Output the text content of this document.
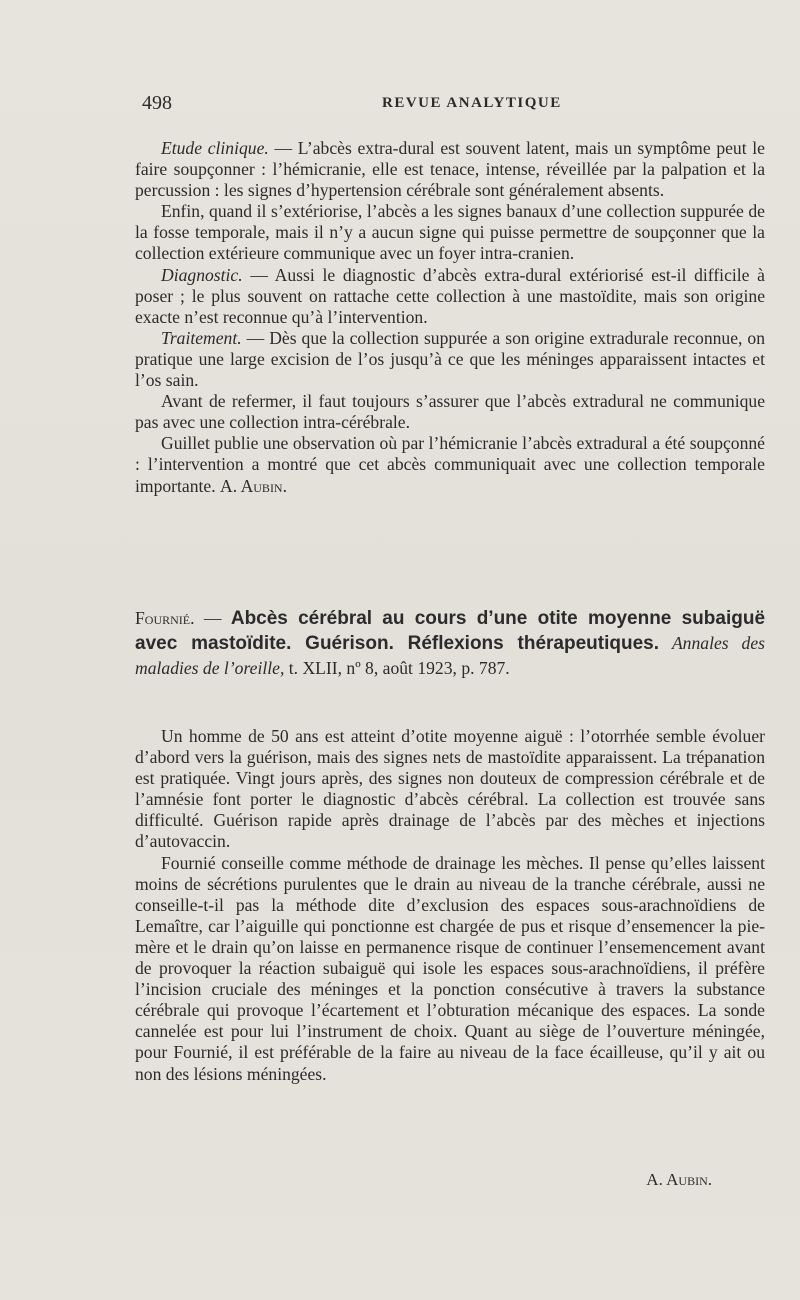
498	REVUE ANALYTIQUE

Etude clinique. — L’abcès extra-dural est souvent latent, mais un symptôme peut le faire soupçonner : l’hémicranie, elle est tenace, intense, réveillée par la palpation et la percussion : les signes d’hypertension cérébrale sont généralement absents.

Enfin, quand il s’extériorise, l’abcès a les signes banaux d’une collection suppurée de la fosse temporale, mais il n’y a aucun signe qui puisse permettre de soupçonner que la collection extérieure communique avec un foyer intra-cranien.

Diagnostic. — Aussi le diagnostic d’abcès extra-dural extériorisé est-il difficile à poser ; le plus souvent on rattache cette collection à une mastoïdite, mais son origine exacte n’est reconnue qu’à l’intervention.

Traitement. — Dès que la collection suppurée a son origine extradurale reconnue, on pratique une large excision de l’os jusqu’à ce que les méninges apparaissent intactes et l’os sain.

Avant de refermer, il faut toujours s’assurer que l’abcès extradural ne communique pas avec une collection intra-cérébrale.

Guillet publie une observation où par l’hémicranie l’abcès extradural a été soupçonné : l’intervention a montré que cet abcès communiquait avec une collection temporale importante. A. Aubin.

Fournié. — Abcès cérébral au cours d’une otite moyenne subaiguë avec mastoïdite. Guérison. Réflexions thérapeutiques. Annales des maladies de l’oreille, t. XLII, nº 8, août 1923, p. 787.

Un homme de 50 ans est atteint d’otite moyenne aiguë : l’otorrhée semble évoluer d’abord vers la guérison, mais des signes nets de mastoïdite apparaissent. La trépanation est pratiquée. Vingt jours après, des signes non douteux de compression cérébrale et de l’amnésie font porter le diagnostic d’abcès cérébral. La collection est trouvée sans difficulté. Guérison rapide après drainage de l’abcès par des mèches et injections d’autovaccin.

Fournié conseille comme méthode de drainage les mèches. Il pense qu’elles laissent moins de sécrétions purulentes que le drain au niveau de la tranche cérébrale, aussi ne conseille-t-il pas la méthode dite d’exclusion des espaces sous-arachnoïdiens de Lemaître, car l’aiguille qui ponctionne est chargée de pus et risque d’ensemencer la pie-mère et le drain qu’on laisse en permanence risque de continuer l’ensemencement avant de provoquer la réaction subaiguë qui isole les espaces sous-arachnoïdiens, il préfère l’incision cruciale des méninges et la ponction consécutive à travers la substance cérébrale qui provoque l’écartement et l’obturation mécanique des espaces. La sonde cannelée est pour lui l’instrument de choix. Quant au siège de l’ouverture méningée, pour Fournié, il est préférable de la faire au niveau de la face écailleuse, qu’il y ait ou non des lésions méningées.

A. Aubin.
